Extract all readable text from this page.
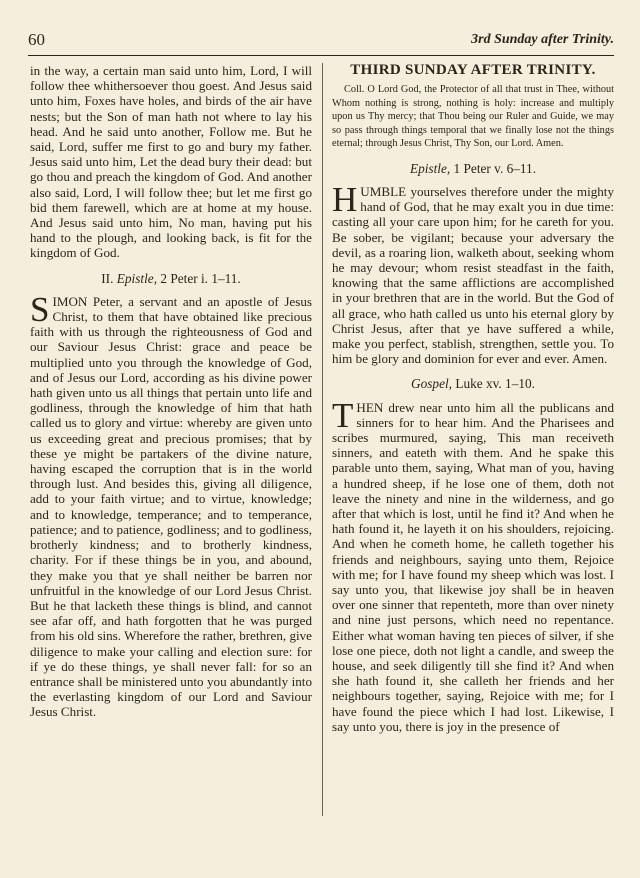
60	3rd Sunday after Trinity.

in the way, a certain man said unto him, Lord, I will follow thee whithersoever thou goest. And Jesus said unto him, Foxes have holes, and birds of the air have nests; but the Son of man hath not where to lay his head. And he said unto another, Follow me. But he said, Lord, suffer me first to go and bury my father. Jesus said unto him, Let the dead bury their dead: but go thou and preach the kingdom of God. And another also said, Lord, I will follow thee; but let me first go bid them farewell, which are at home at my house. And Jesus said unto him, No man, having put his hand to the plough, and looking back, is fit for the kingdom of God.

II. Epistle, 2 Peter i. 1–11.

SIMON Peter, a servant and an apostle of Jesus Christ, to them that have obtained like precious faith with us through the righteousness of God and our Saviour Jesus Christ: grace and peace be multiplied unto you through the knowledge of God, and of Jesus our Lord, according as his divine power hath given unto us all things that pertain unto life and godliness, through the knowledge of him that hath called us to glory and virtue: whereby are given unto us exceeding great and precious promises; that by these ye might be partakers of the divine nature, having escaped the corruption that is in the world through lust. And besides this, giving all diligence, add to your faith virtue; and to virtue, knowledge; and to knowledge, temperance; and to temperance, patience; and to patience, godliness; and to godliness, brotherly kindness; and to brotherly kindness, charity. For if these things be in you, and abound, they make you that ye shall neither be barren nor unfruitful in the knowledge of our Lord Jesus Christ. But he that lacketh these things is blind, and cannot see afar off, and hath forgotten that he was purged from his old sins. Wherefore the rather, brethren, give diligence to make your calling and election sure: for if ye do these things, ye shall never fall: for so an entrance shall be ministered unto you abundantly into the everlasting kingdom of our Lord and Saviour Jesus Christ.

THIRD SUNDAY AFTER TRINITY.

Coll. O Lord God, the Protector of all that trust in Thee, without Whom nothing is strong, nothing is holy: increase and multiply upon us Thy mercy; that Thou being our Ruler and Guide, we may so pass through things temporal that we finally lose not the things eternal; through Jesus Christ, Thy Son, our Lord. Amen.

Epistle, 1 Peter v. 6–11.

HUMBLE yourselves therefore under the mighty hand of God, that he may exalt you in due time: casting all your care upon him; for he careth for you. Be sober, be vigilant; because your adversary the devil, as a roaring lion, walketh about, seeking whom he may devour; whom resist steadfast in the faith, knowing that the same afflictions are accomplished in your brethren that are in the world. But the God of all grace, who hath called us unto his eternal glory by Christ Jesus, after that ye have suffered a while, make you perfect, stablish, strengthen, settle you. To him be glory and dominion for ever and ever. Amen.

Gospel, Luke xv. 1–10.

THEN drew near unto him all the publicans and sinners for to hear him. And the Pharisees and scribes murmured, saying, This man receiveth sinners, and eateth with them. And he spake this parable unto them, saying, What man of you, having a hundred sheep, if he lose one of them, doth not leave the ninety and nine in the wilderness, and go after that which is lost, until he find it? And when he hath found it, he layeth it on his shoulders, rejoicing. And when he cometh home, he calleth together his friends and neighbours, saying unto them, Rejoice with me; for I have found my sheep which was lost. I say unto you, that likewise joy shall be in heaven over one sinner that repenteth, more than over ninety and nine just persons, which need no repentance. Either what woman having ten pieces of silver, if she lose one piece, doth not light a candle, and sweep the house, and seek diligently till she find it? And when she hath found it, she calleth her friends and her neighbours together, saying, Rejoice with me; for I have found the piece which I had lost. Likewise, I say unto you, there is joy in the presence of
